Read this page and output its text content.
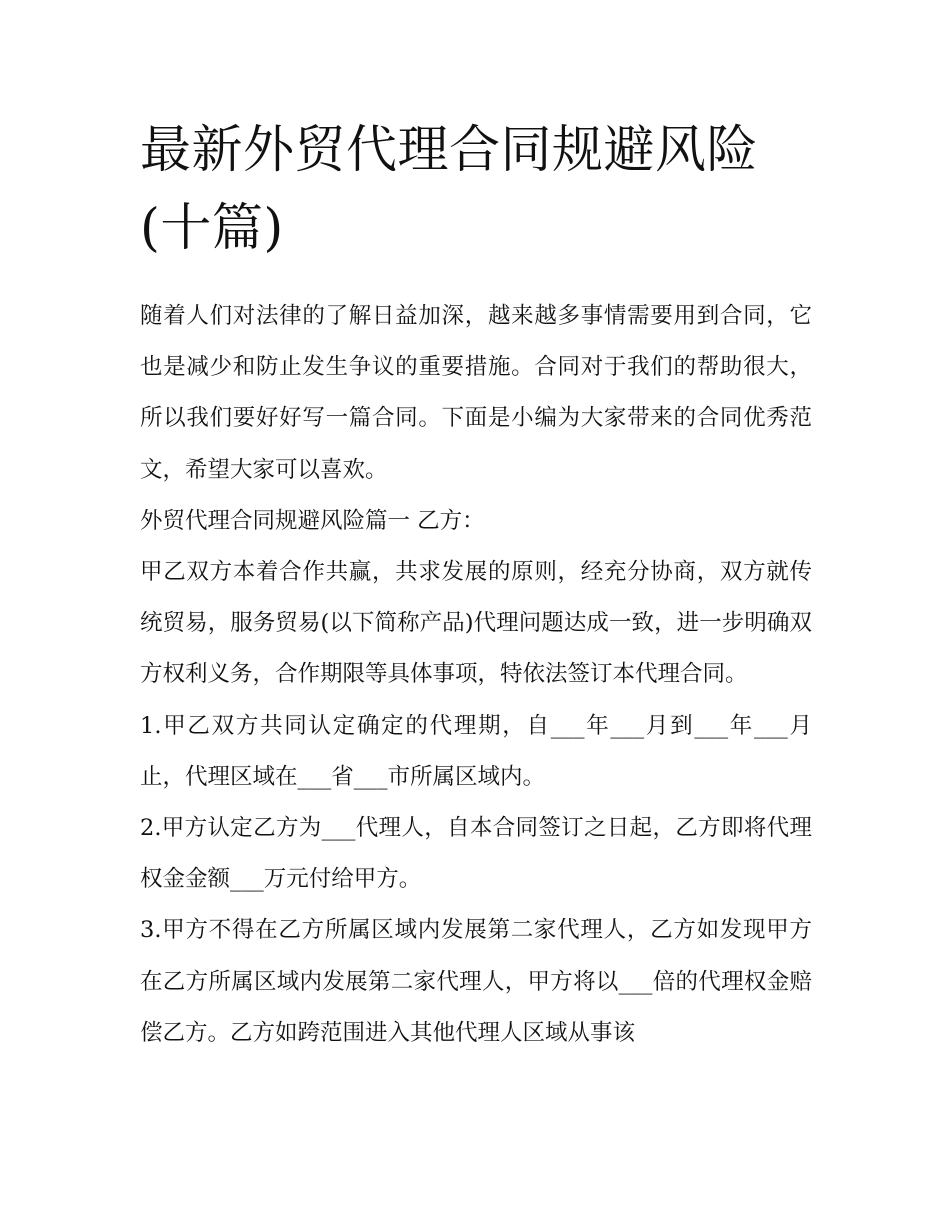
最新外贸代理合同规避风险(十篇)

随着人们对法律的了解日益加深，越来越多事情需要用到合同，它也是减少和防止发生争议的重要措施。合同对于我们的帮助很大，所以我们要好好写一篇合同。下面是小编为大家带来的合同优秀范文，希望大家可以喜欢。

外贸代理合同规避风险篇一 乙方：

甲乙双方本着合作共赢，共求发展的原则，经充分协商，双方就传统贸易，服务贸易(以下简称产品)代理问题达成一致，进一步明确双方权利义务，合作期限等具体事项，特依法签订本代理合同。

1.甲乙双方共同认定确定的代理期，自___年___月到___年___月止，代理区域在___省___市所属区域内。

2.甲方认定乙方为___代理人，自本合同签订之日起，乙方即将代理权金金额___万元付给甲方。

3.甲方不得在乙方所属区域内发展第二家代理人，乙方如发现甲方在乙方所属区域内发展第二家代理人，甲方将以___倍的代理权金赔偿乙方。乙方如跨范围进入其他代理人区域从事该
